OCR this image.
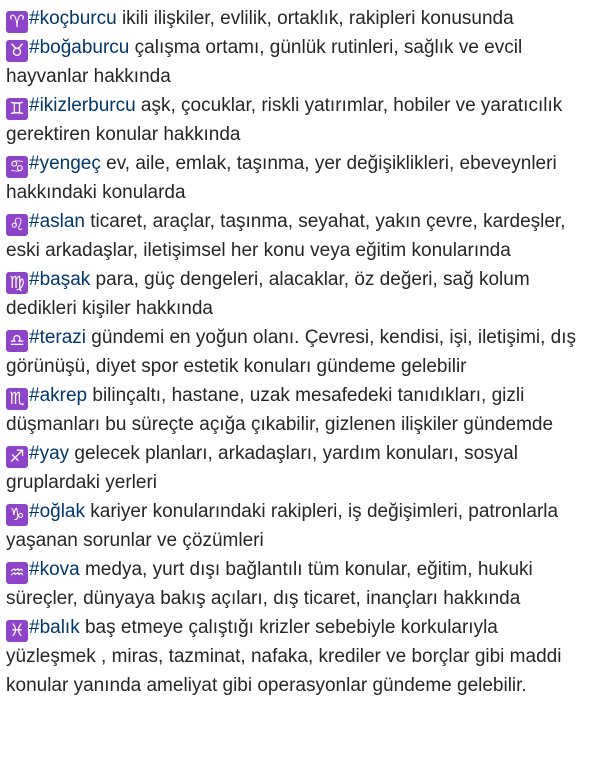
♈ #koçburcu ikili ilişkiler, evlilik, ortaklık, rakipleri konusunda

♉ #boğaburcu çalışma ortamı, günlük rutinleri, sağlık ve evcil hayvanlar hakkında

♊ #ikizlerburcu aşk, çocuklar, riskli yatırımlar, hobiler ve yaratıcılık gerektiren konular hakkında

♋ #yengeç ev, aile, emlak, taşınma, yer değişiklikleri, ebeveynleri hakkındaki konularda

♌ #aslan ticaret, araçlar, taşınma, seyahat, yakın çevre, kardeşler, eski arkadaşlar, iletişimsel her konu veya eğitim konularında

♍ #başak para, güç dengeleri, alacaklar, öz değeri, sağ kolum dedikleri kişiler hakkında

♎ #terazi gündemi en yoğun olanı. Çevresi, kendisi, işi, iletişimi, dış görünüşü, diyet spor estetik konuları gündeme gelebilir

♏ #akrep bilinçaltı, hastane, uzak mesafedeki tanıdıkları, gizli düşmanları bu süreçte açığa çıkabilir, gizlenen ilişkiler gündemde

♐ #yay gelecek planları, arkadaşları, yardım konuları, sosyal gruplardaki yerleri

♑ #oğlak kariyer konularındaki rakipleri, iş değişimleri, patronlarla yaşanan sorunlar ve çözümleri

♒ #kova medya, yurt dışı bağlantılı tüm konular, eğitim, hukuki süreçler, dünyaya bakış açıları, dış ticaret, inançları hakkında

♓ #balık baş etmeye çalıştığı krizler sebebiyle korkularıyla yüzleşmek , miras, tazminat, nafaka, krediler ve borçlar gibi maddi konular yanında ameliyat gibi operasyonlar gündeme gelebilir.
